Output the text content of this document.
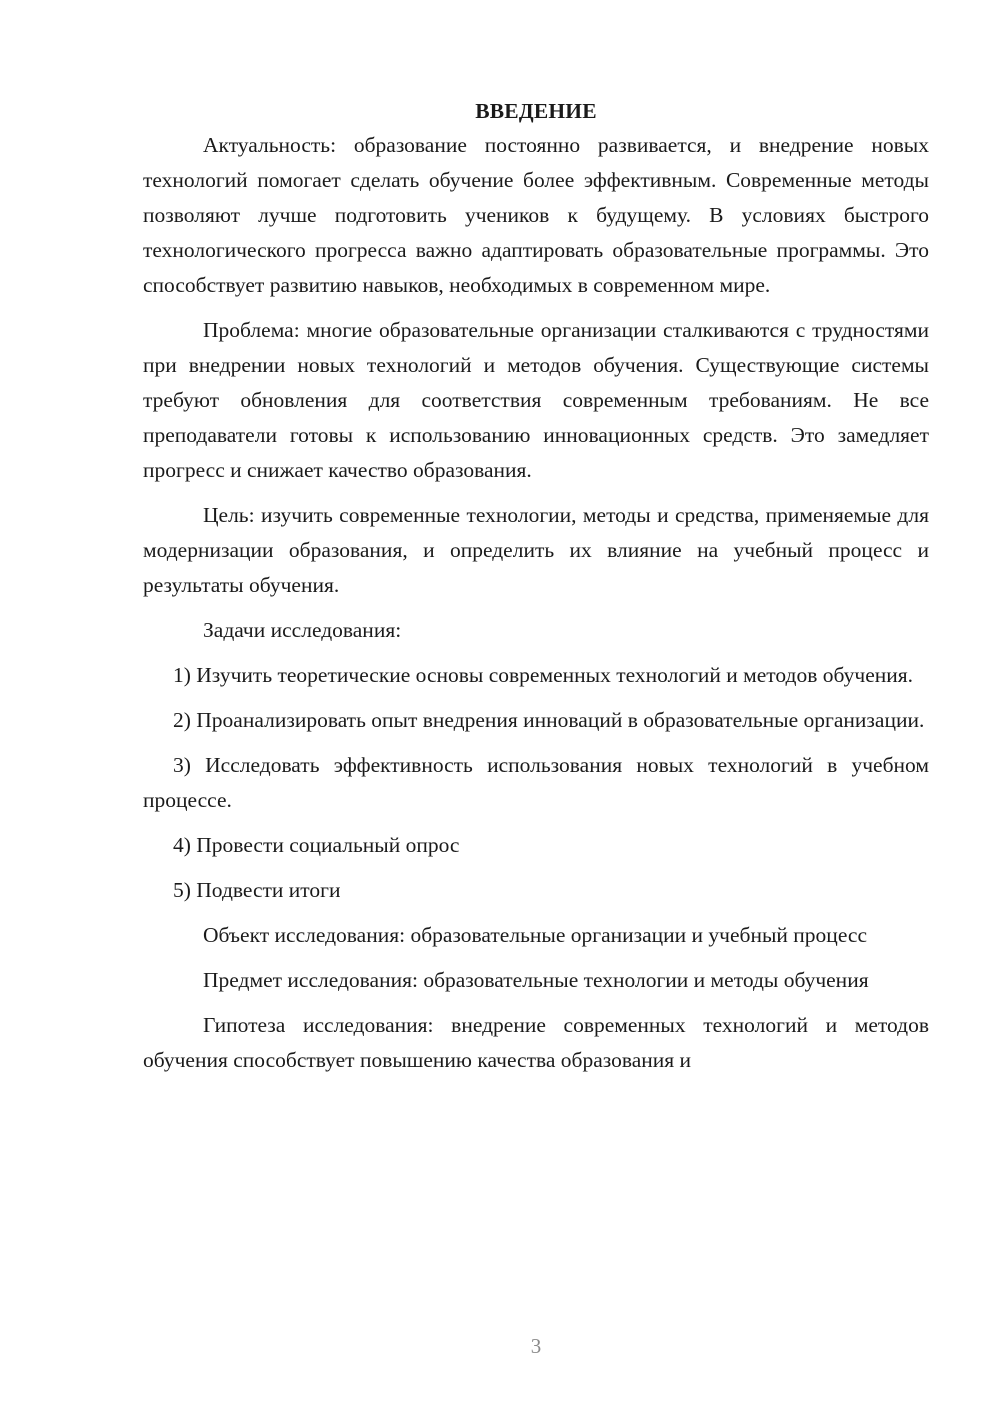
ВВЕДЕНИЕ

Актуальность: образование постоянно развивается, и внедрение новых технологий помогает сделать обучение более эффективным. Современные методы позволяют лучше подготовить учеников к будущему. В условиях быстрого технологического прогресса важно адаптировать образовательные программы. Это способствует развитию навыков, необходимых в современном мире.

Проблема: многие образовательные организации сталкиваются с трудностями при внедрении новых технологий и методов обучения. Существующие системы требуют обновления для соответствия современным требованиям. Не все преподаватели готовы к использованию инновационных средств. Это замедляет прогресс и снижает качество образования.

Цель: изучить современные технологии, методы и средства, применяемые для модернизации образования, и определить их влияние на учебный процесс и результаты обучения.

Задачи исследования:

1) Изучить теоретические основы современных технологий и методов обучения.

2) Проанализировать опыт внедрения инноваций в образовательные организации.

3) Исследовать эффективность использования новых технологий в учебном процессе.

4) Провести социальный опрос

5) Подвести итоги

Объект исследования: образовательные организации и учебный процесс

Предмет исследования: образовательные технологии и методы обучения

Гипотеза исследования: внедрение современных технологий и методов обучения способствует повышению качества образования и

3
